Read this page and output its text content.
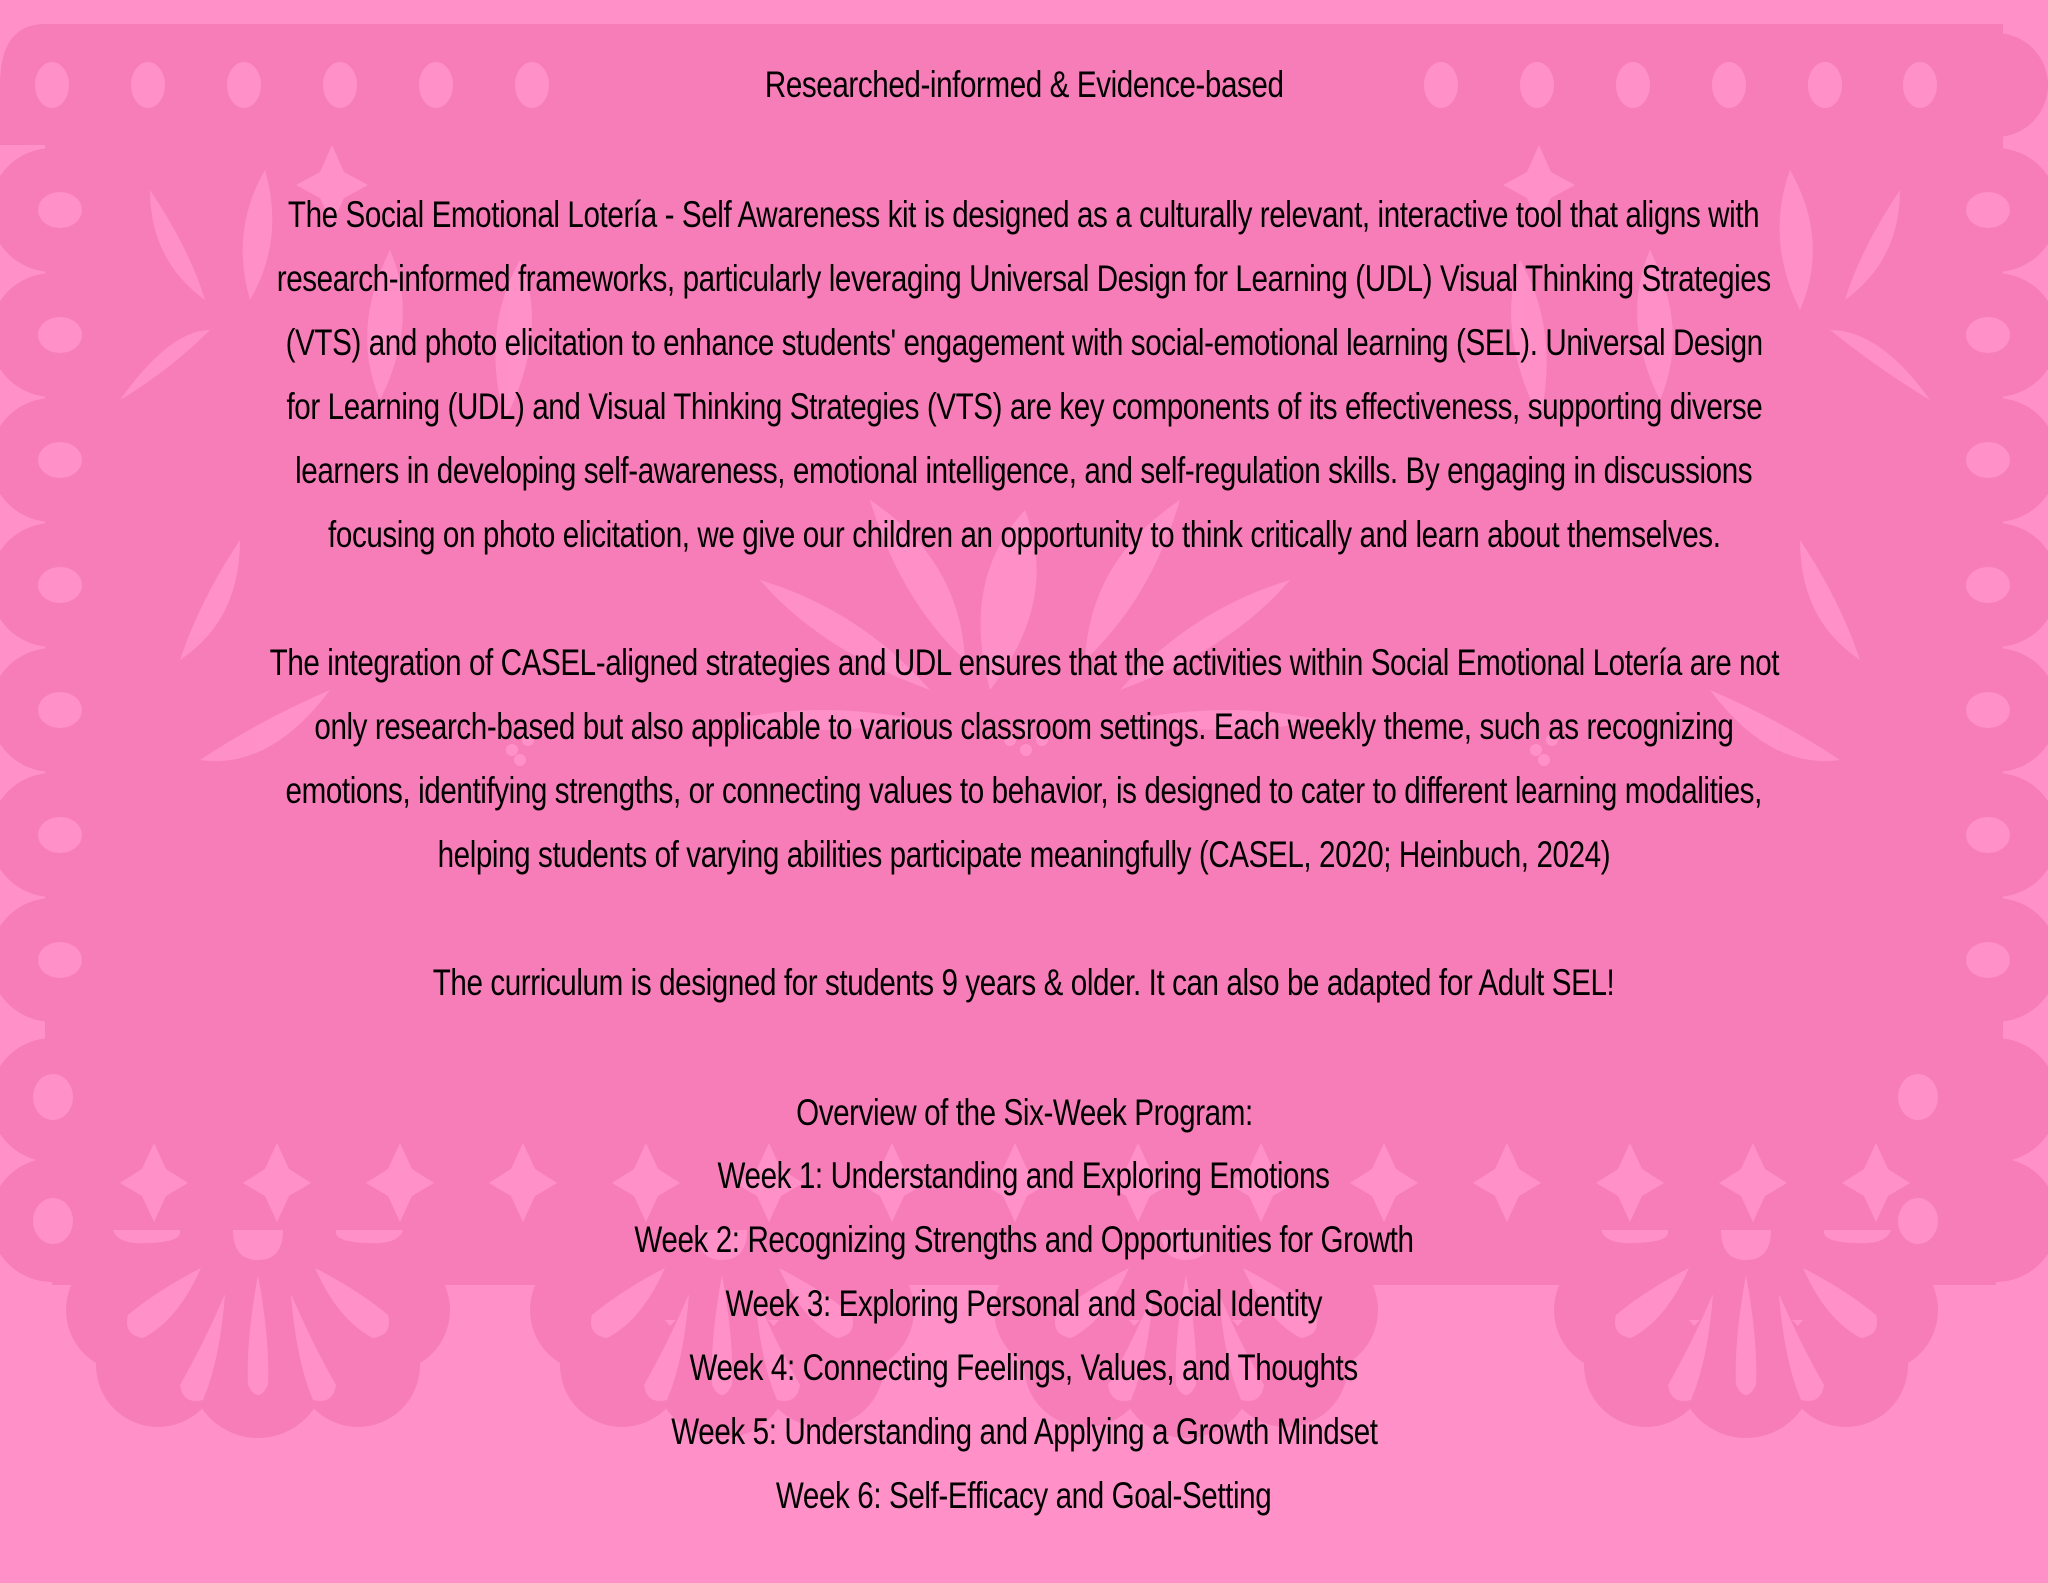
Researched-informed & Evidence-based
The Social Emotional Lotería - Self Awareness kit is designed as a culturally relevant, interactive tool that aligns with
research-informed frameworks, particularly leveraging Universal Design for Learning (UDL) Visual Thinking Strategies
(VTS) and photo elicitation to enhance students' engagement with social-emotional learning (SEL). Universal Design
for Learning (UDL) and Visual Thinking Strategies (VTS) are key components of its effectiveness, supporting diverse
learners in developing self-awareness, emotional intelligence, and self-regulation skills. By engaging in discussions
focusing on photo elicitation, we give our children an opportunity to think critically and learn about themselves.
The integration of CASEL-aligned strategies and UDL ensures that the activities within Social Emotional Lotería are not
only research-based but also applicable to various classroom settings. Each weekly theme, such as recognizing
emotions, identifying strengths, or connecting values to behavior, is designed to cater to different learning modalities,
helping students of varying abilities participate meaningfully (CASEL, 2020; Heinbuch, 2024)
The curriculum is designed for students 9 years & older. It can also be adapted for Adult SEL!
Overview of the Six-Week Program:
Week 1: Understanding and Exploring Emotions
Week 2: Recognizing Strengths and Opportunities for Growth
Week 3: Exploring Personal and Social Identity
Week 4: Connecting Feelings, Values, and Thoughts
Week 5: Understanding and Applying a Growth Mindset
Week 6: Self-Efficacy and Goal-Setting
